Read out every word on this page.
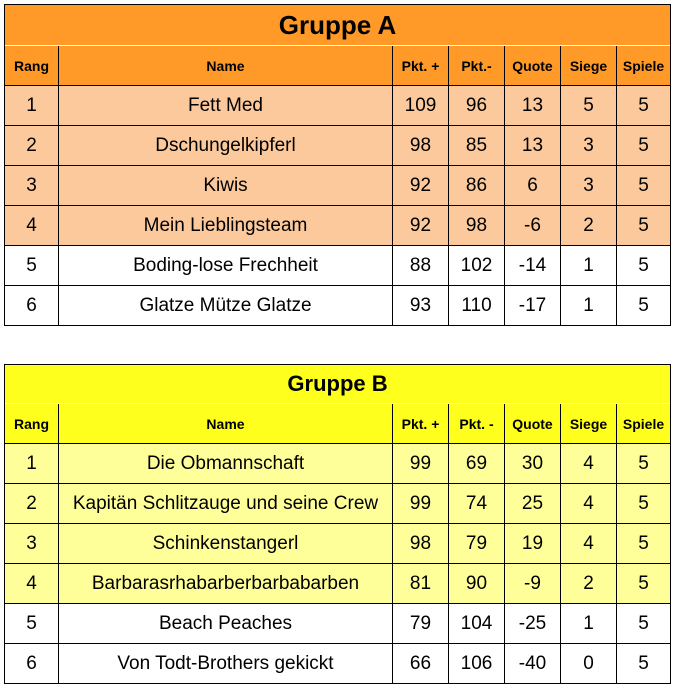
Gruppe A						
Rang	Name	Pkt. +	Pkt.-	Quote	Siege	Spiele
1	Fett Med	109	96	13	5	5
2	Dschungelkipferl	98	85	13	3	5
3	Kiwis	92	86	6	3	5
4	Mein Lieblingsteam	92	98	-6	2	5
5	Boding-lose Frechheit	88	102	-14	1	5
6	Glatze Mütze Glatze	93	110	-17	1	5
Gruppe B						
Rang	Name	Pkt. +	Pkt. -	Quote	Siege	Spiele
1	Die Obmannschaft	99	69	30	4	5
2	Kapitän Schlitzauge und seine Crew	99	74	25	4	5
3	Schinkenstangerl	98	79	19	4	5
4	Barbarasrhabarberbarbabarben	81	90	-9	2	5
5	Beach Peaches	79	104	-25	1	5
6	Von Todt-Brothers gekickt	66	106	-40	0	5
